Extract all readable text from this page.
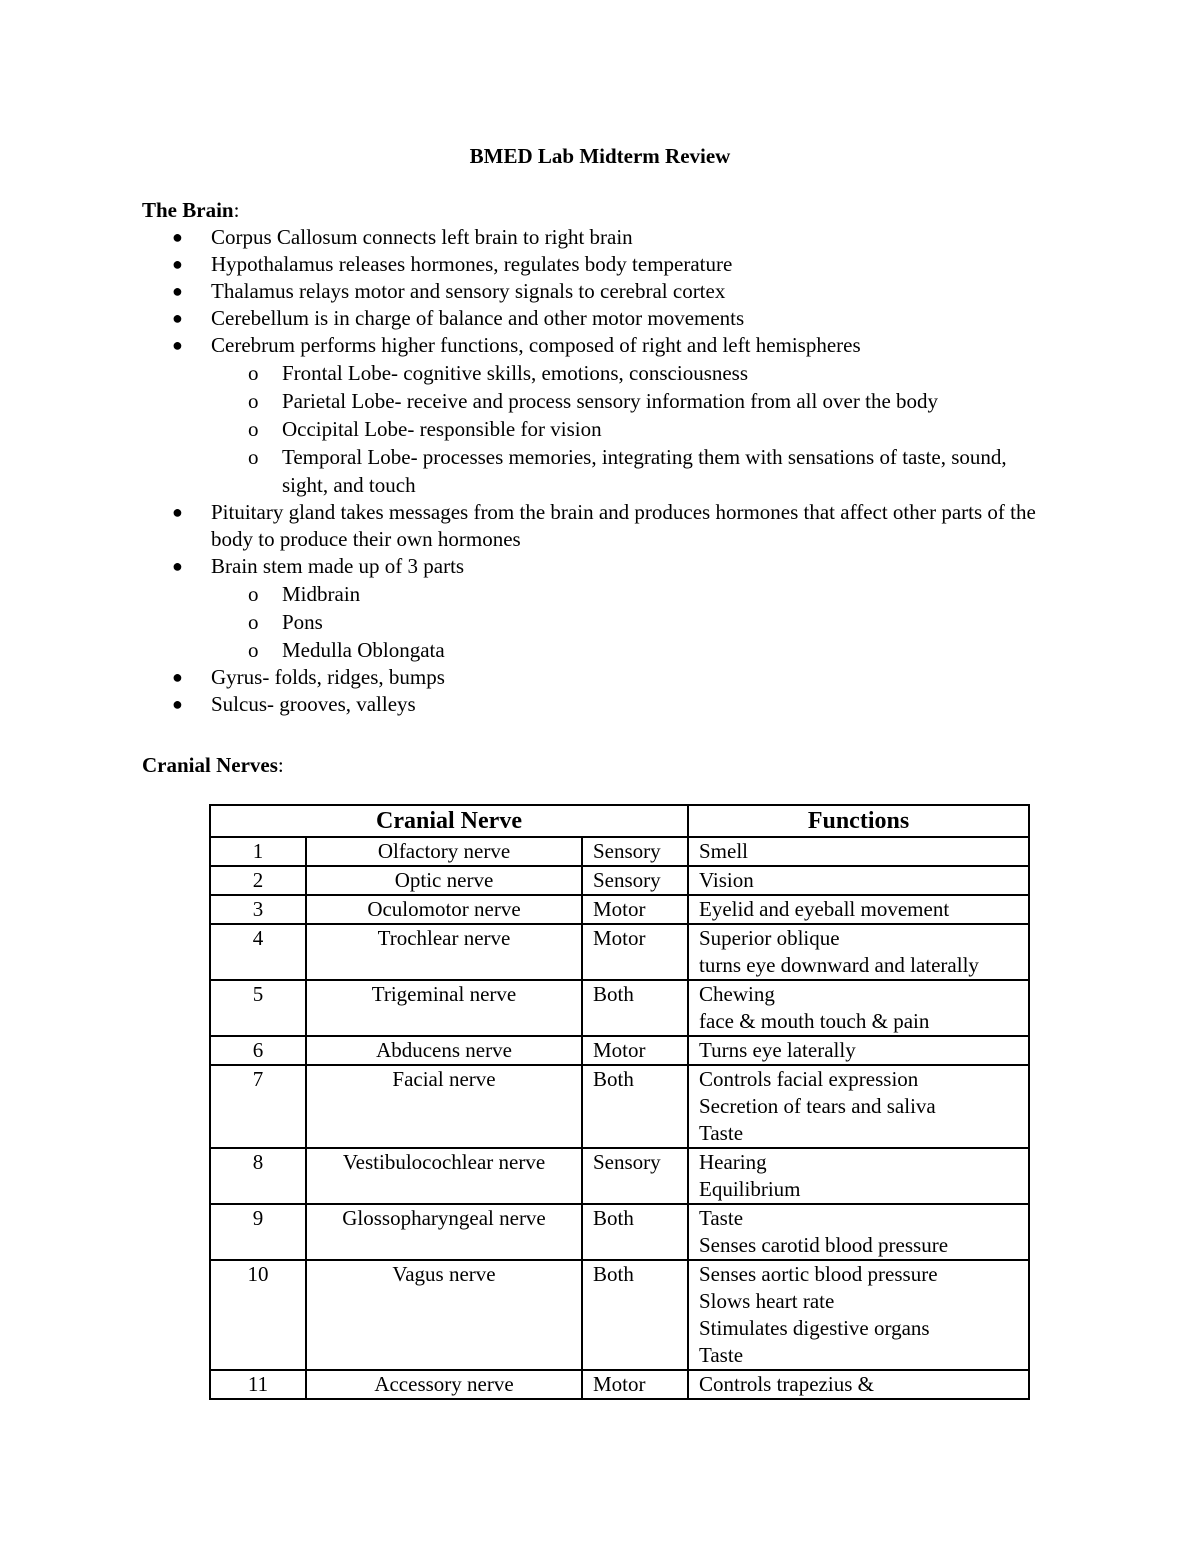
BMED Lab Midterm Review
The Brain:
● Corpus Callosum connects left brain to right brain
● Hypothalamus releases hormones, regulates body temperature
● Thalamus relays motor and sensory signals to cerebral cortex
● Cerebellum is in charge of balance and other motor movements
● Cerebrum performs higher functions, composed of right and left hemispheres
o Frontal Lobe- cognitive skills, emotions, consciousness
o Parietal Lobe- receive and process sensory information from all over the body
o Occipital Lobe- responsible for vision
o Temporal Lobe- processes memories, integrating them with sensations of taste, sound, sight, and touch
● Pituitary gland takes messages from the brain and produces hormones that affect other parts of the body to produce their own hormones
● Brain stem made up of 3 parts
o Midbrain
o Pons
o Medulla Oblongata
● Gyrus- folds, ridges, bumps
● Sulcus- grooves, valleys
Cranial Nerves:
Cranial Nerve			Functions
1	Olfactory nerve	Sensory	Smell

2	Optic nerve	Sensory	Vision

3	Oculomotor nerve	Motor	Eyelid and eyeball movement

4	Trochlear nerve	Motor	Superior oblique
turns eye downward and laterally

5	Trigeminal nerve	Both	Chewing
face & mouth touch & pain

6	Abducens nerve	Motor	Turns eye laterally

7	Facial nerve	Both	Controls facial expression
Secretion of tears and saliva
Taste

8	Vestibulocochlear nerve	Sensory	Hearing
Equilibrium

9	Glossopharyngeal nerve	Both	Taste
Senses carotid blood pressure

10	Vagus nerve	Both	Senses aortic blood pressure
Slows heart rate
Stimulates digestive organs
Taste

11	Accessory nerve	Motor	Controls trapezius &
